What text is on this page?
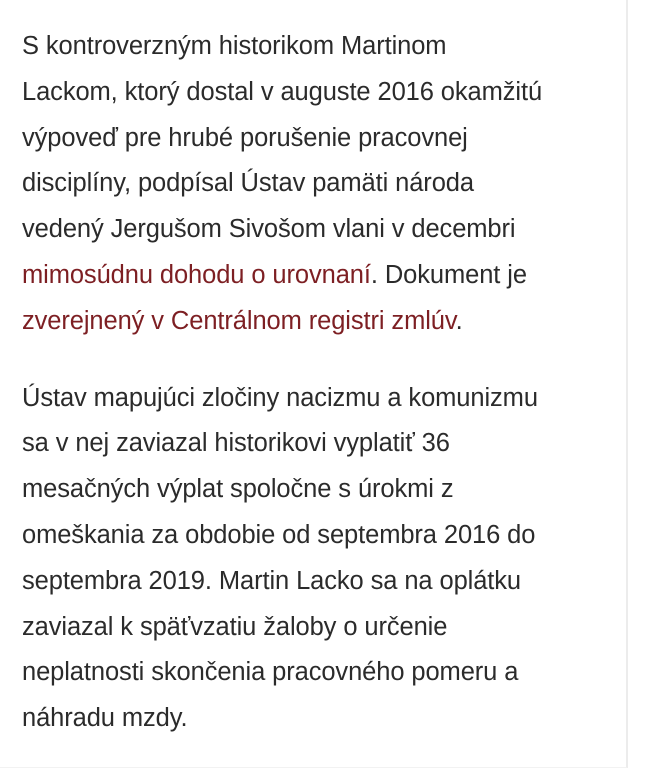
S kontroverzným historikom Martinom
Lackom, ktorý dostal v auguste 2016 okamžitú
výpoveď pre hrubé porušenie pracovnej
disciplíny, podpísal Ústav pamäti národa
vedený Jergušom Sivošom vlani v decembri
mimosúdnu dohodu o urovnaní. Dokument je
zverejnený v Centrálnom registri zmlúv.

Ústav mapujúci zločiny nacizmu a komunizmu
sa v nej zaviazal historikovi vyplatiť 36
mesačných výplat spoločne s úrokmi z
omeškania za obdobie od septembra 2016 do
septembra 2019. Martin Lacko sa na oplátku
zaviazal k späťvzatiu žaloby o určenie
neplatnosti skončenia pracovného pomeru a
náhradu mzdy.
